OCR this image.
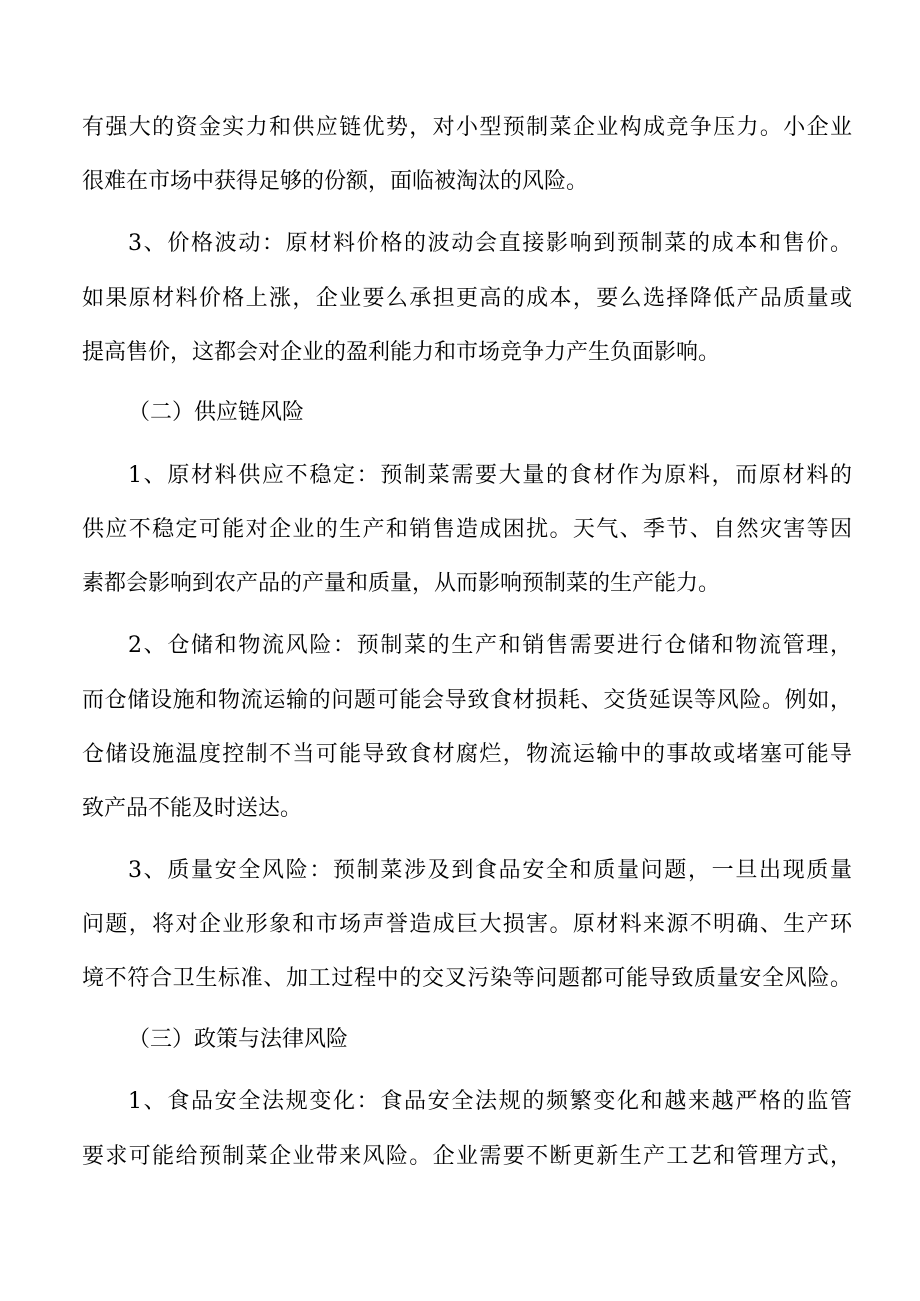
有强大的资金实力和供应链优势，对小型预制菜企业构成竞争压力。小企业
很难在市场中获得足够的份额，面临被淘汰的风险。
3、价格波动：原材料价格的波动会直接影响到预制菜的成本和售价。
如果原材料价格上涨，企业要么承担更高的成本，要么选择降低产品质量或
提高售价，这都会对企业的盈利能力和市场竞争力产生负面影响。
（二）供应链风险
1、原材料供应不稳定：预制菜需要大量的食材作为原料，而原材料的
供应不稳定可能对企业的生产和销售造成困扰。天气、季节、自然灾害等因
素都会影响到农产品的产量和质量，从而影响预制菜的生产能力。
2、仓储和物流风险：预制菜的生产和销售需要进行仓储和物流管理，
而仓储设施和物流运输的问题可能会导致食材损耗、交货延误等风险。例如，
仓储设施温度控制不当可能导致食材腐烂，物流运输中的事故或堵塞可能导
致产品不能及时送达。
3、质量安全风险：预制菜涉及到食品安全和质量问题，一旦出现质量
问题，将对企业形象和市场声誉造成巨大损害。原材料来源不明确、生产环
境不符合卫生标准、加工过程中的交叉污染等问题都可能导致质量安全风险。
（三）政策与法律风险
1、食品安全法规变化：食品安全法规的频繁变化和越来越严格的监管
要求可能给预制菜企业带来风险。企业需要不断更新生产工艺和管理方式，
